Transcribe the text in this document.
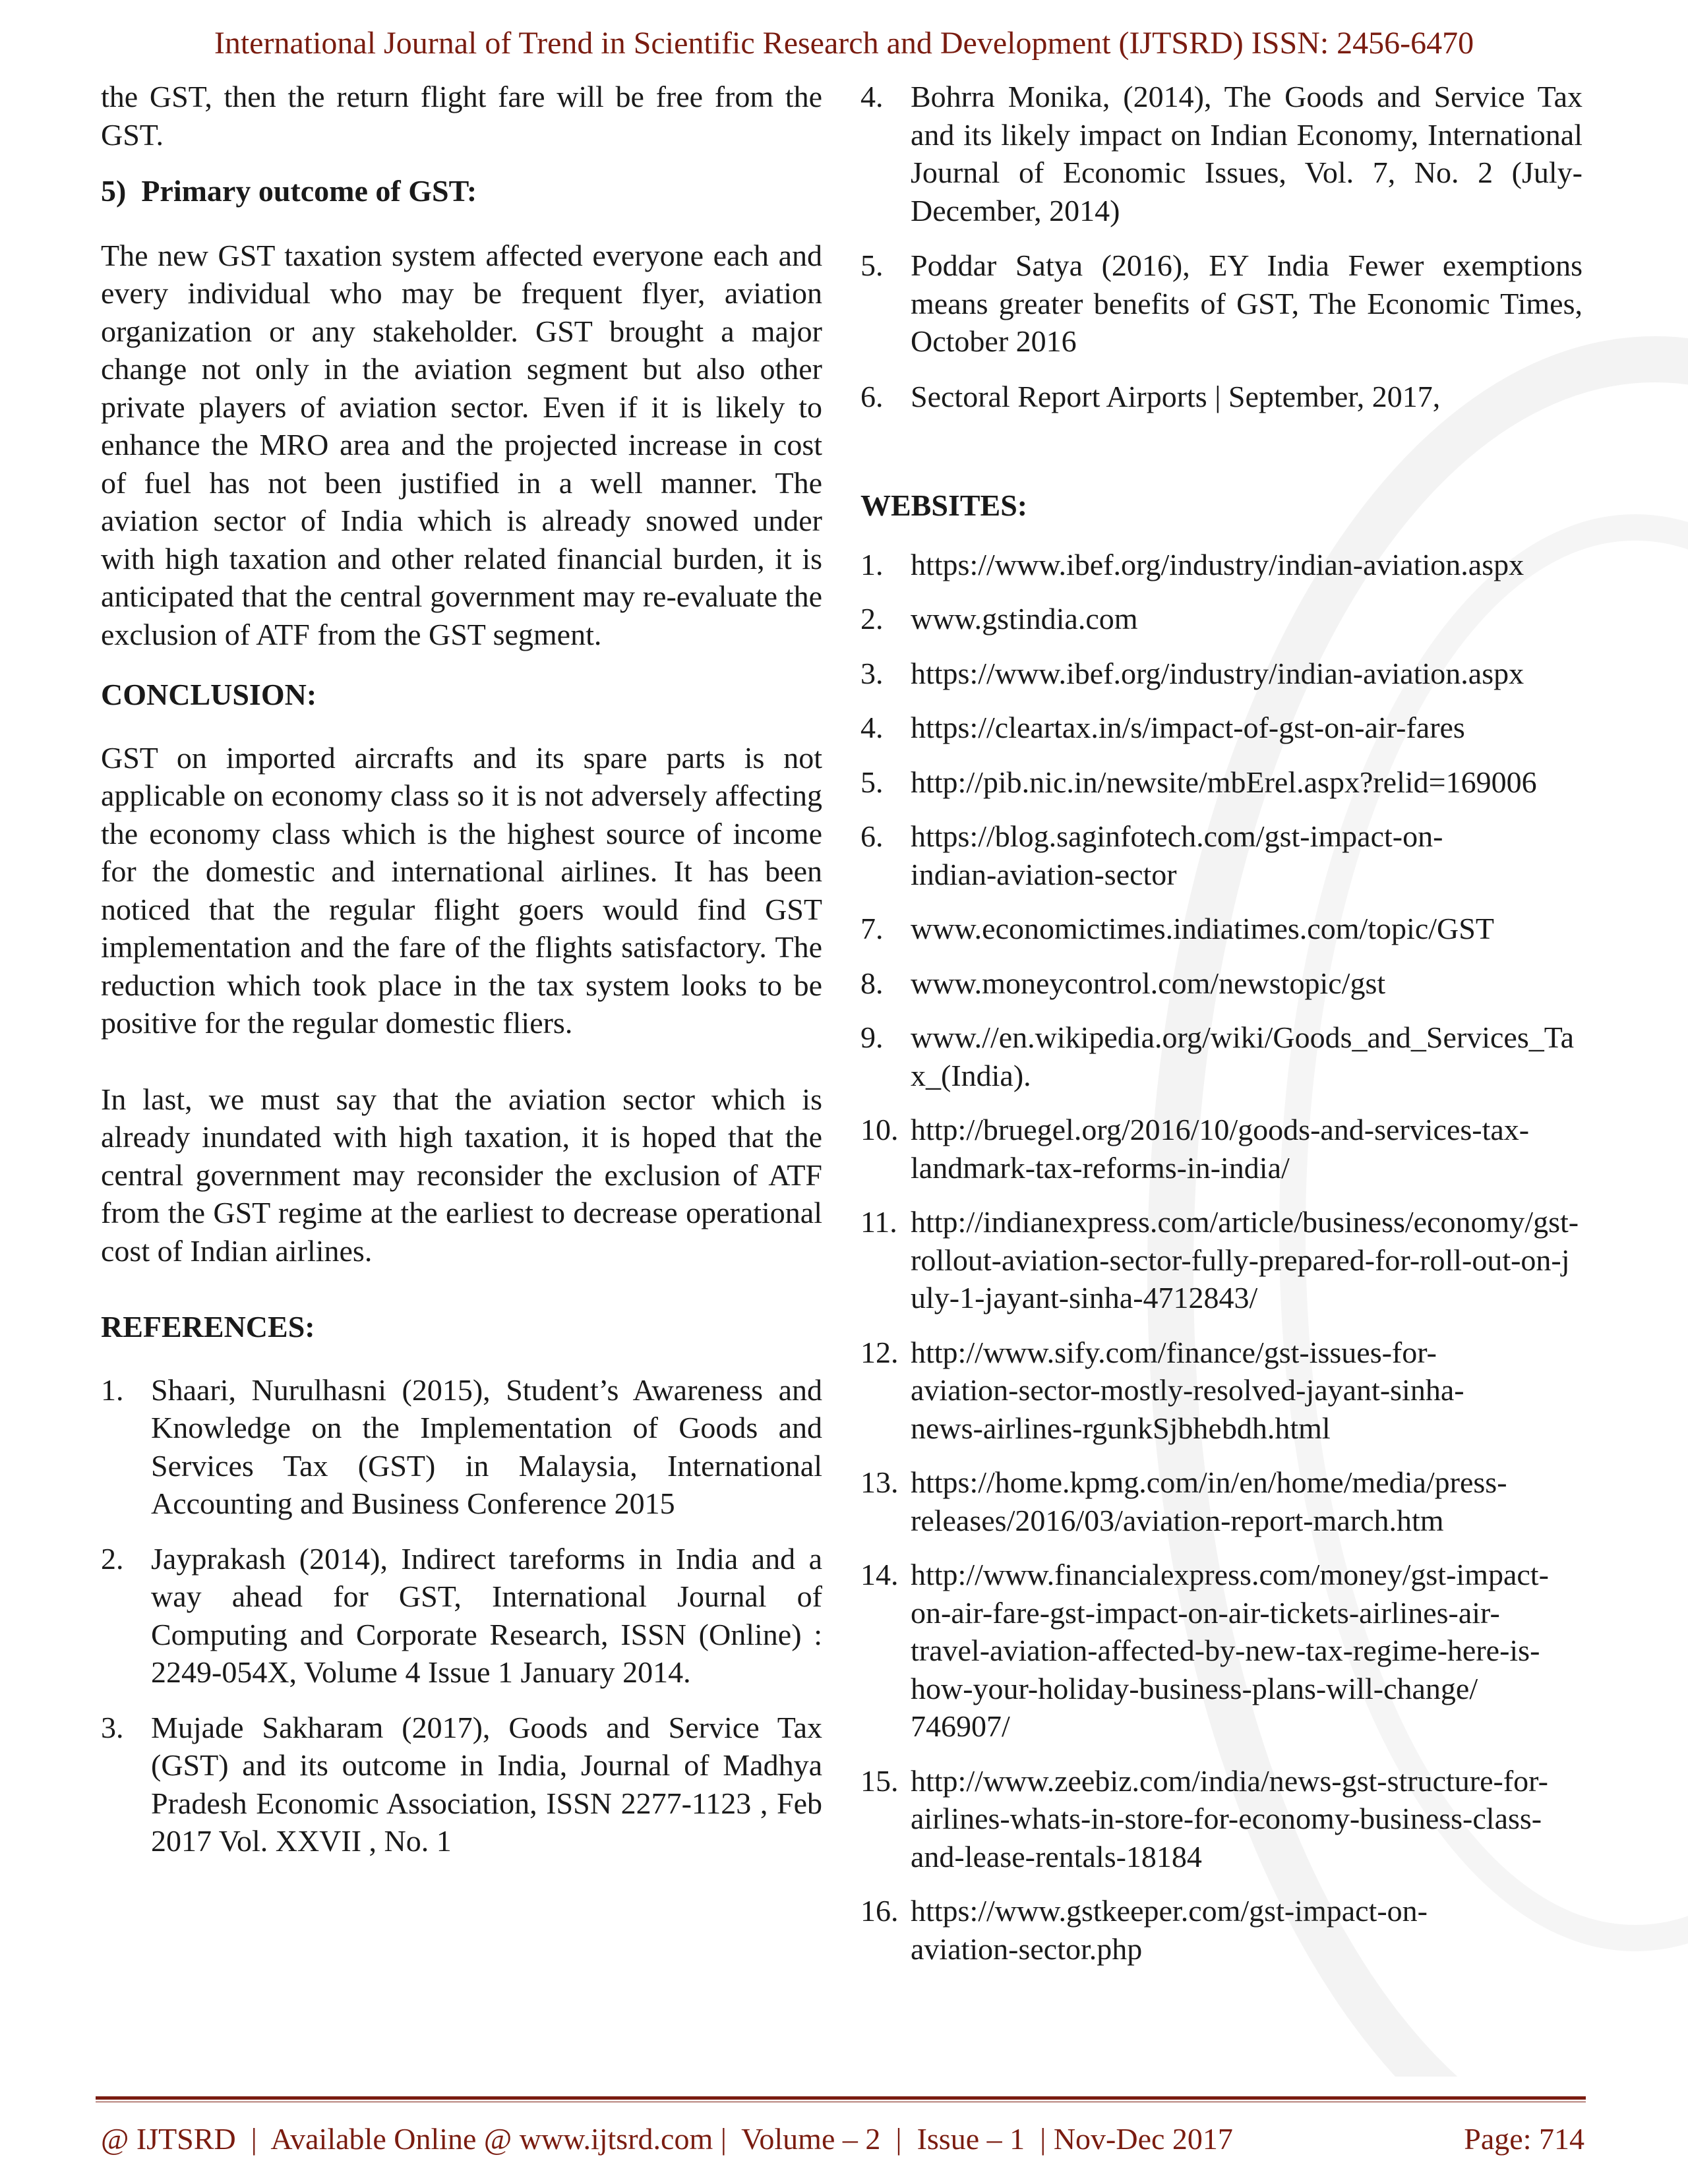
International Journal of Trend in Scientific Research and Development (IJTSRD) ISSN: 2456-6470

the GST, then the return flight fare will be free from the GST.

5)  Primary outcome of GST:

The new GST taxation system affected everyone each and every individual who may be frequent flyer, aviation organization or any stakeholder. GST brought a major change not only in the aviation segment but also other private players of aviation sector. Even if it is likely to enhance the MRO area and the projected increase in cost of fuel has not been justified in a well manner. The aviation sector of India which is already snowed under with high taxation and other related financial burden, it is anticipated that the central government may re-evaluate the exclusion of ATF from the GST segment.

CONCLUSION:

GST on imported aircrafts and its spare parts is not applicable on economy class so it is not adversely affecting the economy class which is the highest source of income for the domestic and international airlines. It has been noticed that the regular flight goers would find GST implementation and the fare of the flights satisfactory. The reduction which took place in the tax system looks to be positive for the regular domestic fliers.

In last, we must say that the aviation sector which is already inundated with high taxation, it is hoped that the central government may reconsider the exclusion of ATF from the GST regime at the earliest to decrease operational cost of Indian airlines.

REFERENCES:

1. Shaari, Nurulhasni (2015), Student’s Awareness and Knowledge on the Implementation of Goods and Services Tax (GST) in Malaysia, International Accounting and Business Conference 2015
2. Jayprakash (2014), Indirect tareforms in India and a way ahead for GST, International Journal of Computing and Corporate Research, ISSN (Online) : 2249-054X, Volume 4 Issue 1 January 2014.
3. Mujade Sakharam (2017), Goods and Service Tax (GST) and its outcome in India, Journal of Madhya Pradesh Economic Association, ISSN 2277-1123 , Feb 2017 Vol. XXVII , No. 1
4. Bohrra Monika, (2014), The Goods and Service Tax and its likely impact on Indian Economy, International Journal of Economic Issues, Vol. 7, No. 2 (July-December, 2014)
5. Poddar Satya (2016), EY India Fewer exemptions means greater benefits of GST, The Economic Times, October 2016
6. Sectoral Report Airports | September, 2017,

WEBSITES:

1. https://www.ibef.org/industry/indian-aviation.aspx
2. www.gstindia.com
3. https://www.ibef.org/industry/indian-aviation.aspx
4. https://cleartax.in/s/impact-of-gst-on-air-fares
5. http://pib.nic.in/newsite/mbErel.aspx?relid=169006
6. https://blog.saginfotech.com/gst-impact-on-indian-aviation-sector
7. www.economictimes.indiatimes.com/topic/GST
8. www.moneycontrol.com/newstopic/gst
9. www.//en.wikipedia.org/wiki/Goods_and_Services_Tax_(India).
10. http://bruegel.org/2016/10/goods-and-services-tax-landmark-tax-reforms-in-india/
11. http://indianexpress.com/article/business/economy/gst-rollout-aviation-sector-fully-prepared-for-roll-out-on-july-1-jayant-sinha-4712843/
12. http://www.sify.com/finance/gst-issues-for-aviation-sector-mostly-resolved-jayant-sinha-news-airlines-rgunkSjbhebdh.html
13. https://home.kpmg.com/in/en/home/media/press-releases/2016/03/aviation-report-march.htm
14. http://www.financialexpress.com/money/gst-impact-on-air-fare-gst-impact-on-air-tickets-airlines-air-travel-aviation-affected-by-new-tax-regime-here-is-how-your-holiday-business-plans-will-change/ 746907/
15. http://www.zeebiz.com/india/news-gst-structure-for-airlines-whats-in-store-for-economy-business-class-and-lease-rentals-18184
16. https://www.gstkeeper.com/gst-impact-on-aviation-sector.php
@ IJTSRD  |  Available Online @ www.ijtsrd.com |  Volume – 2  |  Issue – 1  | Nov-Dec 2017	Page: 714
